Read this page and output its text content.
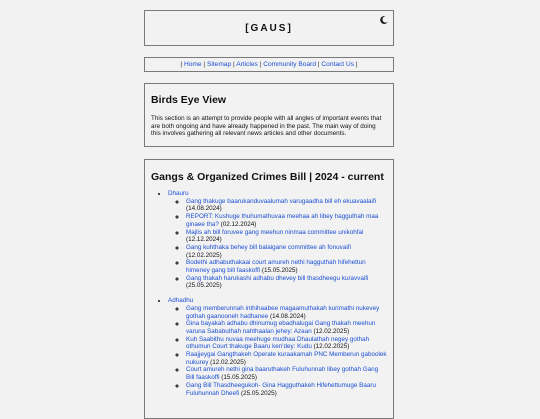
[GAUS]
| Home | Sitemap | Articles | Community Board | Contact Us |
Birds Eye View
This section is an attempt to provide people with all angles of important events that are both ongoing and have already happened in the past. The main way of doing this involves gathering all relevant news articles and other documents.
Gangs & Organized Crimes Bill | 2024 - current
• Dhauru
◦ Gang thakuge baarukanduvaalumah varugaadha bill eh ekuavaalaifi (14.08.2024)
◦ REPORT: Kushuge thuhumathuvaa meehaa ah libey hagguthah maa ginaee tha? (02.12.2024)
◦ Majlis ah bill foruvee gang meehun ninmaa committee unikohfai (12.12.2024)
◦ Gang kuhthaka behey bill balaigane committee ah fonuvaifi (12.02.2025)
◦ Bodethi adhabuthakaai court amureh nethi hagguthah hifehettun himeney gang bill faaskoffi (15.05.2025)
◦ Gang thakah harukashi adhabu dhevey bill thasdheegu kuravvaifi (25.05.2025)
• Adhadhu
◦ Gang memberunnah inthihaabee magaamuthakah kurimathi nukevey gothah gaanooneh hadhanee (14.08.2024)
◦ Gina bayakah adhabu dhinumug ebadhalugai Gang thakah meehun varuna Sababuthah nahthaalan jehey: Azaan (12.02.2025)
◦ Kuh Saabithu nuvaa meehuge mudhaa Dhaulathah negey gothah othumun Court thakuge Baaru ken'dey: Kudu (12.02.2025)
◦ Raajjeygai Gangthakeh Operate kuraakamah PNC Memberun gaboolek nukurey (12.02.2025)
◦ Court amureh nethi gina baaruthakeh Fuluhunnah libey gothah Gang Bill faaskoffi (15.05.2025)
◦ Gang Bill Thasdheegukoh- Gina Hagguthakeh Hifehettumuge Baaru Fuluhunnah Dheefi (25.05.2025)
